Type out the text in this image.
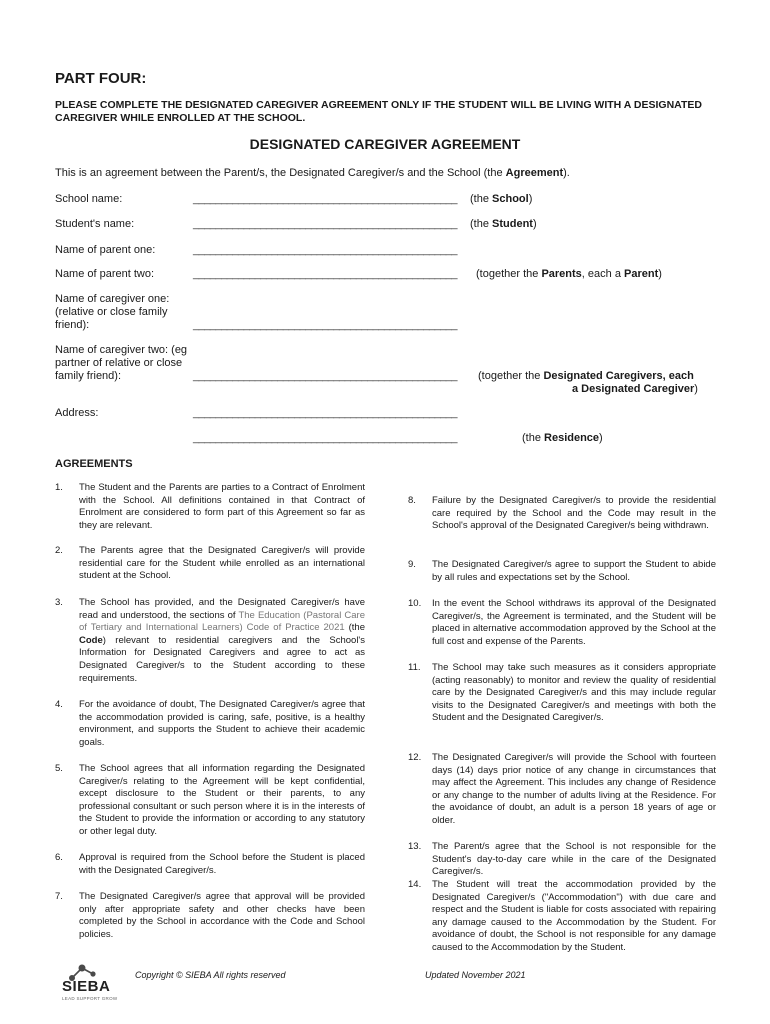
PART FOUR:
PLEASE COMPLETE THE DESIGNATED CAREGIVER AGREEMENT ONLY IF THE STUDENT WILL BE LIVING WITH A DESIGNATED CAREGIVER WHILE ENROLLED AT THE SCHOOL.
DESIGNATED CAREGIVER AGREEMENT
This is an agreement between the Parent/s, the Designated Caregiver/s and the School (the Agreement).
School name:	_______________________________________________ (the School)
Student's name:	_______________________________________________ (the Student)
Name of parent one:	_______________________________________________
Name of parent two:	_______________________________________________ (together the Parents, each a Parent)
Name of caregiver one: (relative or close family friend):	_______________________________________________
Name of caregiver two: (eg partner of relative or close family friend):	_______________________________________________ (together the Designated Caregivers, each
a Designated Caregiver)
Address:	_______________________________________________
_______________________________________________	(the Residence)
AGREEMENTS
1. The Student and the Parents are parties to a Contract of Enrolment with the School. All definitions contained in that Contract of Enrolment are considered to form part of this Agreement so far as they are relevant.
2. The Parents agree that the Designated Caregiver/s will provide residential care for the Student while enrolled as an international student at the School.
3. The School has provided, and the Designated Caregiver/s have read and understood, the sections of The Education (Pastoral Care of Tertiary and International Learners) Code of Practice 2021 (the Code) relevant to residential caregivers and the School's Information for Designated Caregivers and agree to act as Designated Caregiver/s to the Student according to these requirements.
4. For the avoidance of doubt, The Designated Caregiver/s agree that the accommodation provided is caring, safe, positive, is a healthy environment, and supports the Student to achieve their academic goals.
5. The School agrees that all information regarding the Designated Caregiver/s relating to the Agreement will be kept confidential, except disclosure to the Student or their parents, to any professional consultant or such person where it is in the interests of the Student to provide the information or according to any statutory or other legal duty.
6. Approval is required from the School before the Student is placed with the Designated Caregiver/s.
7. The Designated Caregiver/s agree that approval will be provided only after appropriate safety and other checks have been completed by the School in accordance with the Code and School policies.
8. Failure by the Designated Caregiver/s to provide the residential care required by the School and the Code may result in the School's approval of the Designated Caregiver/s being withdrawn.
9. The Designated Caregiver/s agree to support the Student to abide by all rules and expectations set by the School.
10. In the event the School withdraws its approval of the Designated Caregiver/s, the Agreement is terminated, and the Student will be placed in alternative accommodation approved by the School at the full cost and expense of the Parents.
11. The School may take such measures as it considers appropriate (acting reasonably) to monitor and review the quality of residential care by the Designated Caregiver/s and this may include regular visits to the Designated Caregiver/s and meetings with both the Student and the Designated Caregiver/s.
12. The Designated Caregiver/s will provide the School with fourteen days (14) days prior notice of any change in circumstances that may affect the Agreement. This includes any change of Residence or any change to the number of adults living at the Residence. For the avoidance of doubt, an adult is a person 18 years of age or older.
13. The Parent/s agree that the School is not responsible for the Student's day-to-day care while in the care of the Designated Caregiver/s.
14. The Student will treat the accommodation provided by the Designated Caregiver/s ("Accommodation") with due care and respect and the Student is liable for costs associated with repairing any damage caused to the Accommodation by the Student. For avoidance of doubt, the School is not responsible for any damage caused to the Accommodation by the Student.
SIEBA
LEAD SUPPORT GROW
Copyright © SIEBA All rights reserved	Updated November 2021
